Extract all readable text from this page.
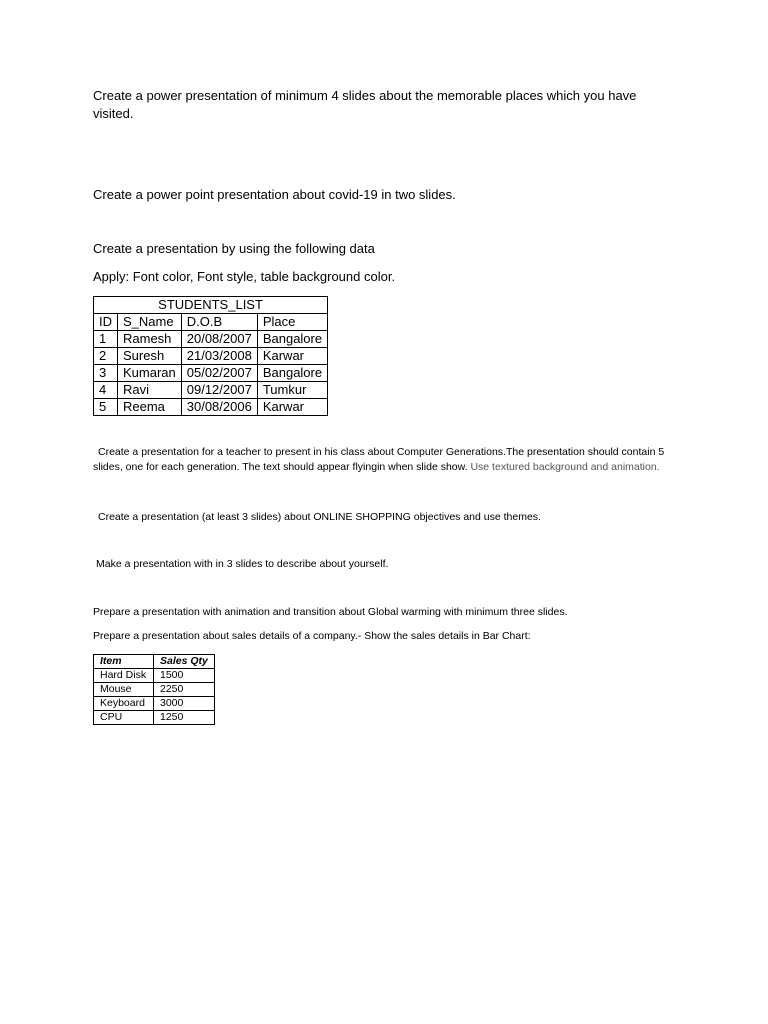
Create a power presentation of minimum 4 slides about the memorable places which you have visited.

Create a power point presentation about covid-19 in two slides.

Create a presentation by using the following data

Apply: Font color, Font style, table background color.

STUDENTS_LIST			
ID	S_Name	D.O.B	Place
1	Ramesh	20/08/2007	Bangalore
2	Suresh	21/03/2008	Karwar
3	Kumaran	05/02/2007	Bangalore
4	Ravi	09/12/2007	Tumkur
5	Reema	30/08/2006	Karwar

Create a presentation for a teacher to present in his class about Computer Generations.The presentation should contain 5 slides, one for each generation. The text should appear flyingin when slide show. Use textured background and animation.

Create a presentation (at least 3 slides) about ONLINE SHOPPING objectives and use themes.

Make a presentation with in 3 slides to describe about yourself.

Prepare a presentation with animation and transition about Global warming with minimum three slides.

Prepare a presentation about sales details of a company.- Show the sales details in Bar Chart:

Item	Sales Qty
Hard Disk	1500
Mouse	2250
Keyboard	3000
CPU	1250
